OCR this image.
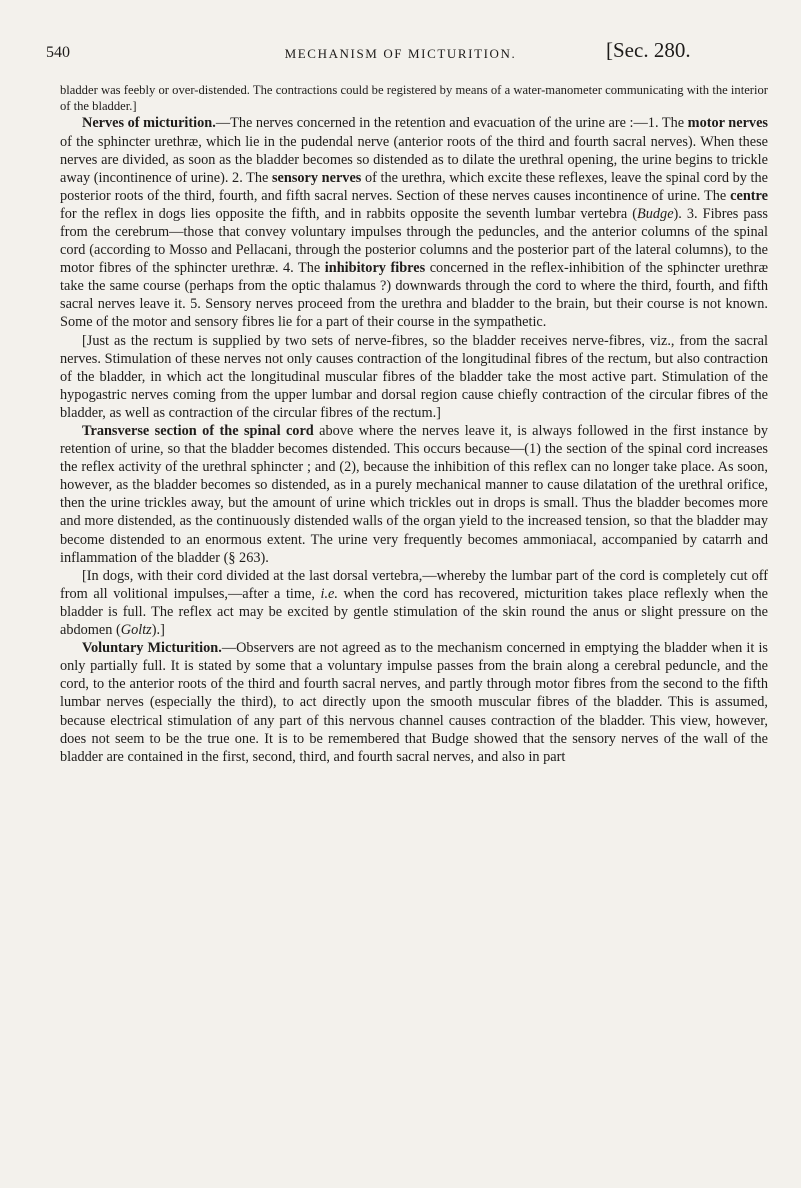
540	MECHANISM OF MICTURITION.	[Sec. 280.

bladder was feebly or over-distended. The contractions could be registered by means of a water-manometer communicating with the interior of the bladder.]

Nerves of micturition.—The nerves concerned in the retention and evacuation of the urine are :—1. The motor nerves of the sphincter urethræ, which lie in the pudendal nerve (anterior roots of the third and fourth sacral nerves). When these nerves are divided, as soon as the bladder becomes so distended as to dilate the urethral opening, the urine begins to trickle away (incontinence of urine). 2. The sensory nerves of the urethra, which excite these reflexes, leave the spinal cord by the posterior roots of the third, fourth, and fifth sacral nerves. Section of these nerves causes incontinence of urine. The centre for the reflex in dogs lies opposite the fifth, and in rabbits opposite the seventh lumbar vertebra (Budge). 3. Fibres pass from the cerebrum—those that convey voluntary impulses through the peduncles, and the anterior columns of the spinal cord (according to Mosso and Pellacani, through the posterior columns and the posterior part of the lateral columns), to the motor fibres of the sphincter urethræ. 4. The inhibitory fibres concerned in the reflex-inhibition of the sphincter urethræ take the same course (perhaps from the optic thalamus ?) downwards through the cord to where the third, fourth, and fifth sacral nerves leave it. 5. Sensory nerves proceed from the urethra and bladder to the brain, but their course is not known. Some of the motor and sensory fibres lie for a part of their course in the sympathetic.

[Just as the rectum is supplied by two sets of nerve-fibres, so the bladder receives nerve-fibres, viz., from the sacral nerves. Stimulation of these nerves not only causes contraction of the longitudinal fibres of the rectum, but also contraction of the bladder, in which act the longitudinal muscular fibres of the bladder take the most active part. Stimulation of the hypogastric nerves coming from the upper lumbar and dorsal region cause chiefly contraction of the circular fibres of the bladder, as well as contraction of the circular fibres of the rectum.]

Transverse section of the spinal cord above where the nerves leave it, is always followed in the first instance by retention of urine, so that the bladder becomes distended. This occurs because—(1) the section of the spinal cord increases the reflex activity of the urethral sphincter ; and (2), because the inhibition of this reflex can no longer take place. As soon, however, as the bladder becomes so distended, as in a purely mechanical manner to cause dilatation of the urethral orifice, then the urine trickles away, but the amount of urine which trickles out in drops is small. Thus the bladder becomes more and more distended, as the continuously distended walls of the organ yield to the increased tension, so that the bladder may become distended to an enormous extent. The urine very frequently becomes ammoniacal, accompanied by catarrh and inflammation of the bladder (§ 263).

[In dogs, with their cord divided at the last dorsal vertebra,—whereby the lumbar part of the cord is completely cut off from all volitional impulses,—after a time, i.e. when the cord has recovered, micturition takes place reflexly when the bladder is full. The reflex act may be excited by gentle stimulation of the skin round the anus or slight pressure on the abdomen (Goltz).]

Voluntary Micturition.—Observers are not agreed as to the mechanism concerned in emptying the bladder when it is only partially full. It is stated by some that a voluntary impulse passes from the brain along a cerebral peduncle, and the cord, to the anterior roots of the third and fourth sacral nerves, and partly through motor fibres from the second to the fifth lumbar nerves (especially the third), to act directly upon the smooth muscular fibres of the bladder. This is assumed, because electrical stimulation of any part of this nervous channel causes contraction of the bladder. This view, however, does not seem to be the true one. It is to be remembered that Budge showed that the sensory nerves of the wall of the bladder are contained in the first, second, third, and fourth sacral nerves, and also in part
